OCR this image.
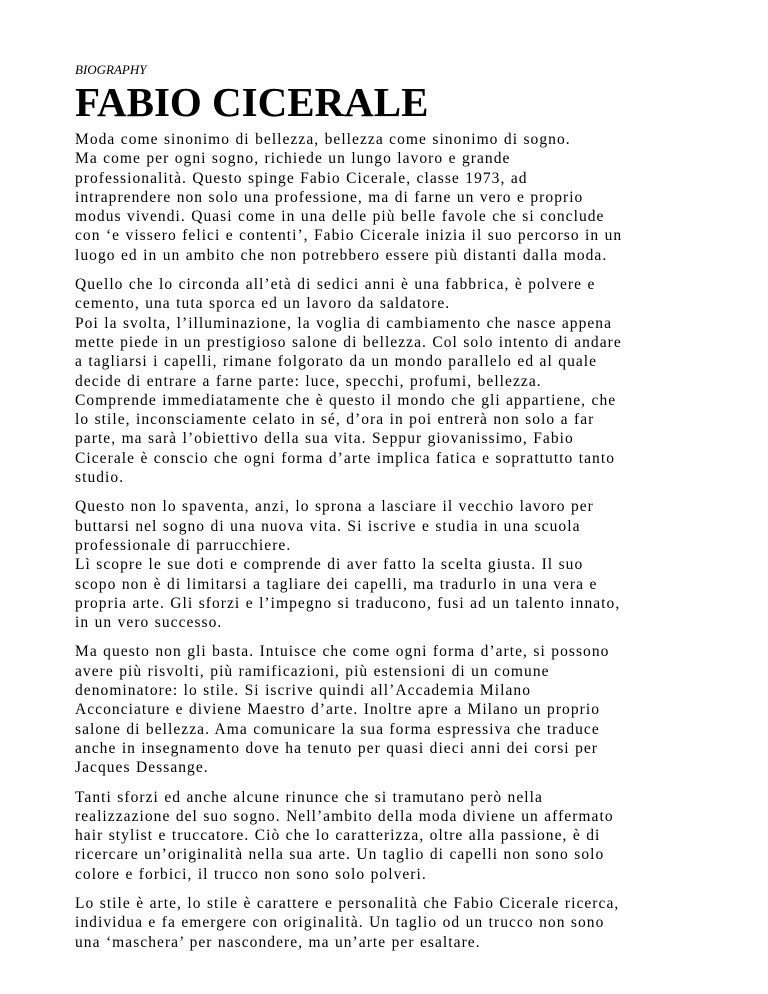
BIOGRAPHY
FABIO CICERALE

Moda come sinonimo di bellezza, bellezza come sinonimo di sogno.
Ma come per ogni sogno, richiede un lungo lavoro e grande
professionalità. Questo spinge Fabio Cicerale, classe 1973, ad
intraprendere non solo una professione, ma di farne un vero e proprio
modus vivendi. Quasi come in una delle più belle favole che si conclude
con ‘e vissero felici e contenti’, Fabio Cicerale inizia il suo percorso in un
luogo ed in un ambito che non potrebbero essere più distanti dalla moda.

Quello che lo circonda all’età di sedici anni è una fabbrica, è polvere e
cemento, una tuta sporca ed un lavoro da saldatore.
Poi la svolta, l’illuminazione, la voglia di cambiamento che nasce appena
mette piede in un prestigioso salone di bellezza. Col solo intento di andare
a tagliarsi i capelli, rimane folgorato da un mondo parallelo ed al quale
decide di entrare a farne parte: luce, specchi, profumi, bellezza.
Comprende immediatamente che è questo il mondo che gli appartiene, che
lo stile, inconsciamente celato in sé, d’ora in poi entrerà non solo a far
parte, ma sarà l’obiettivo della sua vita. Seppur giovanissimo, Fabio
Cicerale è conscio che ogni forma d’arte implica fatica e soprattutto tanto
studio.

Questo non lo spaventa, anzi, lo sprona a lasciare il vecchio lavoro per
buttarsi nel sogno di una nuova vita. Si iscrive e studia in una scuola
professionale di parrucchiere.
Lì scopre le sue doti e comprende di aver fatto la scelta giusta. Il suo
scopo non è di limitarsi a tagliare dei capelli, ma tradurlo in una vera e
propria arte. Gli sforzi e l’impegno si traducono, fusi ad un talento innato,
in un vero successo.

Ma questo non gli basta. Intuisce che come ogni forma d’arte, si possono
avere più risvolti, più ramificazioni, più estensioni di un comune
denominatore: lo stile. Si iscrive quindi all’Accademia Milano
Acconciature e diviene Maestro d’arte. Inoltre apre a Milano un proprio
salone di bellezza. Ama comunicare la sua forma espressiva che traduce
anche in insegnamento dove ha tenuto per quasi dieci anni dei corsi per
Jacques Dessange.

Tanti sforzi ed anche alcune rinunce che si tramutano però nella
realizzazione del suo sogno. Nell’ambito della moda diviene un affermato
hair stylist e truccatore. Ciò che lo caratterizza, oltre alla passione, è di
ricercare un’originalità nella sua arte. Un taglio di capelli non sono solo
colore e forbici, il trucco non sono solo polveri.

Lo stile è arte, lo stile è carattere e personalità che Fabio Cicerale ricerca,
individua e fa emergere con originalità. Un taglio od un trucco non sono
una ‘maschera’ per nascondere, ma un’arte per esaltare.
